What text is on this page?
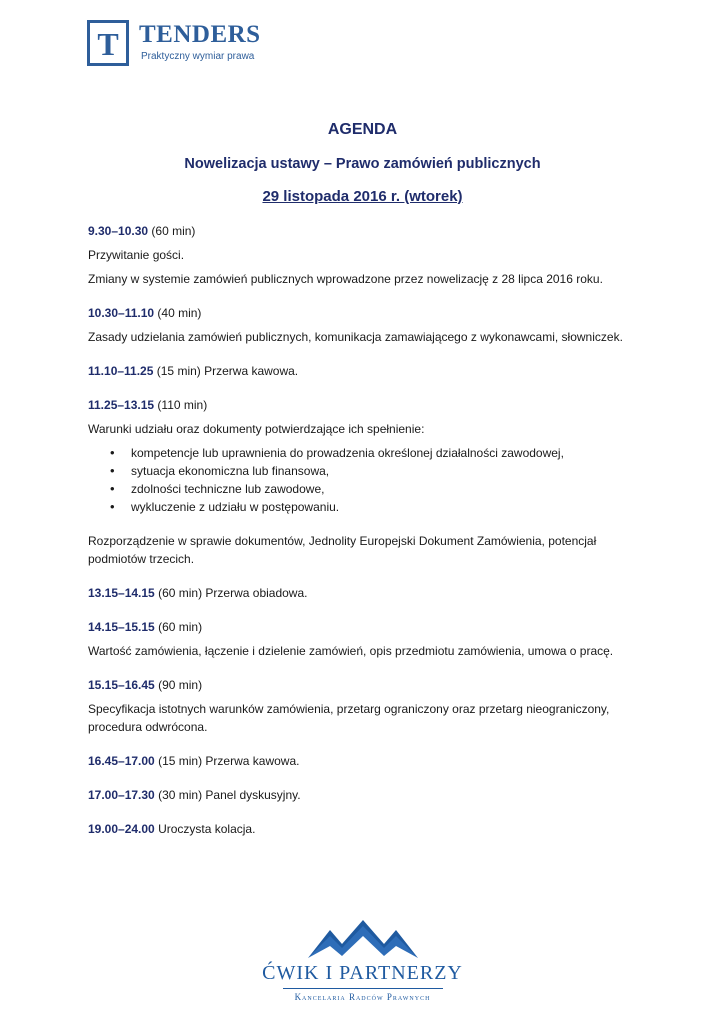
T TENDERS
Praktyczny wymiar prawa
AGENDA
Nowelizacja ustawy – Prawo zamówień publicznych
29 listopada 2016 r. (wtorek)

9.30–10.30 (60 min)

Przywitanie gości.

Zmiany w systemie zamówień publicznych wprowadzone przez nowelizację z 28 lipca 2016 roku.

10.30–11.10 (40 min)

Zasady udzielania zamówień publicznych, komunikacja zamawiającego z wykonawcami, słowniczek.

11.10–11.25 (15 min) Przerwa kawowa.

11.25–13.15 (110 min)

Warunki udziału oraz dokumenty potwierdzające ich spełnienie:

• kompetencje lub uprawnienia do prowadzenia określonej działalności zawodowej,
• sytuacja ekonomiczna lub finansowa,
• zdolności techniczne lub zawodowe,
• wykluczenie z udziału w postępowaniu.

Rozporządzenie w sprawie dokumentów, Jednolity Europejski Dokument Zamówienia, potencjał podmiotów trzecich.

13.15–14.15 (60 min) Przerwa obiadowa.

14.15–15.15 (60 min)

Wartość zamówienia, łączenie i dzielenie zamówień, opis przedmiotu zamówienia, umowa o pracę.

15.15–16.45 (90 min)

Specyfikacja istotnych warunków zamówienia, przetarg ograniczony oraz przetarg nieograniczony, procedura odwrócona.

16.45–17.00 (15 min) Przerwa kawowa.

17.00–17.30 (30 min) Panel dyskusyjny.

19.00–24.00 Uroczysta kolacja.

ĆWIK I PARTNERZY
Kancelaria Radców Prawnych
